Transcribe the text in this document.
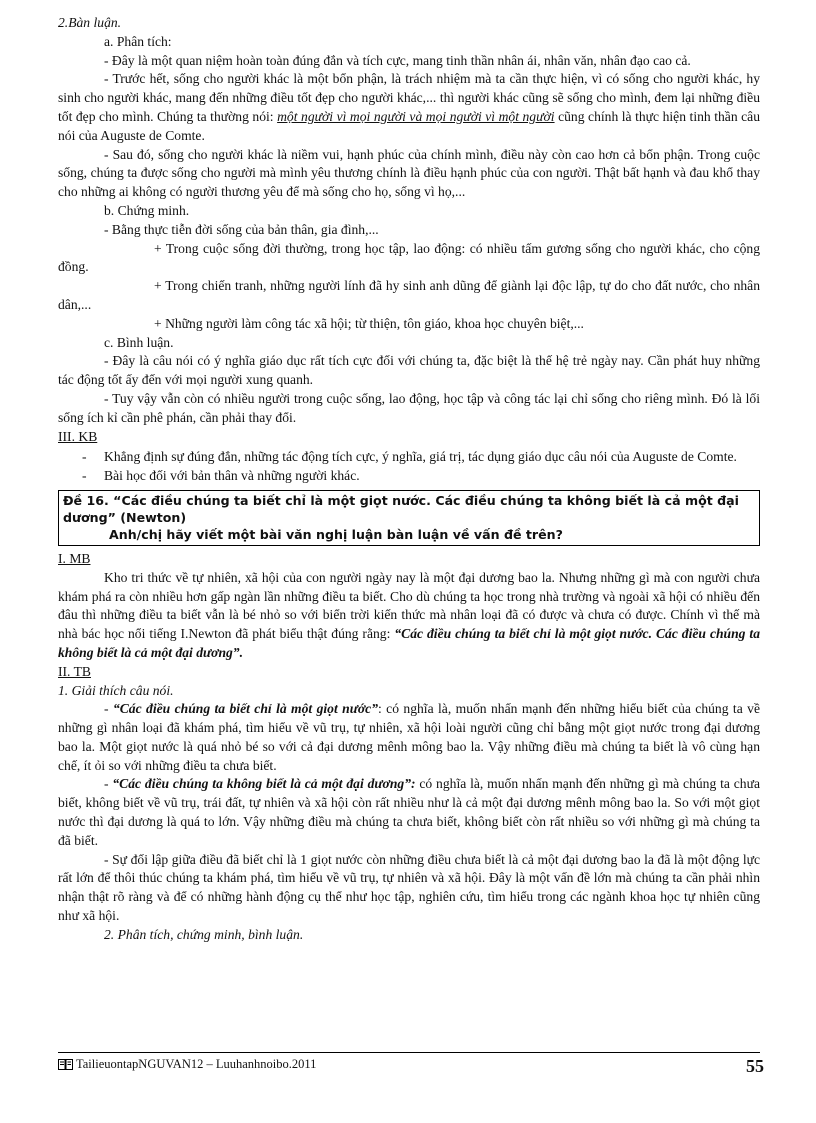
2.Bàn luận.

a. Phân tích:

- Đây là một quan niệm hoàn toàn đúng đắn và tích cực, mang tinh thần nhân ái, nhân văn, nhân đạo cao cả.

- Trước hết, sống cho người khác là một bổn phận, là trách nhiệm mà ta cần thực hiện, vì có sống cho người khác, hy sinh cho người khác, mang đến những điều tốt đẹp cho người khác,... thì người khác cũng sẽ sống cho mình, đem lại những điều tốt đẹp cho mình. Chúng ta thường nói: một người vì mọi người và mọi người vì một người cũng chính là thực hiện tinh thần câu nói của Auguste de Comte.

- Sau đó, sống cho người khác là niềm vui, hạnh phúc của chính mình, điều này còn cao hơn cả bổn phận. Trong cuộc sống, chúng ta được sống cho người mà mình yêu thương chính là điều hạnh phúc của con người. Thật bất hạnh và đau khổ thay cho những ai không có người thương yêu để mà sống cho họ, sống vì họ,...

b. Chứng minh.

- Bằng thực tiễn đời sống của bản thân, gia đình,...

+ Trong cuộc sống đời thường, trong học tập, lao động: có nhiều tấm gương sống cho người khác, cho cộng đồng.

+ Trong chiến tranh, những người lính đã hy sinh anh dũng để giành lại độc lập, tự do cho đất nước, cho nhân dân,...

+ Những người làm công tác xã hội; từ thiện, tôn giáo, khoa học chuyên biệt,...

c. Bình luận.

- Đây là câu nói có ý nghĩa giáo dục rất tích cực đối với chúng ta, đặc biệt là thế hệ trẻ ngày nay. Cần phát huy những tác động tốt ấy đến với mọi người xung quanh.

- Tuy vậy vẫn còn có nhiều người trong cuộc sống, lao động, học tập và công tác lại chỉ sống cho riêng mình. Đó là lối sống ích kỉ cần phê phán, cần phải thay đổi.

III. KB

- Khẳng định sự đúng đắn, những tác động tích cực, ý nghĩa, giá trị, tác dụng giáo dục câu nói của Auguste de Comte.
- Bài học đối với bản thân và những người khác.
Đề 16. “Các điều chúng ta biết chỉ là một giọt nước. Các điều chúng ta không biết là cả một đại dương” (Newton)
Anh/chị hãy viết một bài văn nghị luận bàn luận về vấn đề trên?

I. MB

Kho tri thức về tự nhiên, xã hội của con người ngày nay là một đại dương bao la. Nhưng những gì mà con người chưa khám phá ra còn nhiều hơn gấp ngàn lần những điều ta biết. Cho dù chúng ta học trong nhà trường và ngoài xã hội có nhiều đến đâu thì những điều ta biết vẫn là bé nhỏ so với biển trời kiến thức mà nhân loại đã có được và chưa có được. Chính vì thế mà nhà bác học nổi tiếng I.Newton đã phát biểu thật đúng rằng: “Các điều chúng ta biết chỉ là một giọt nước. Các điều chúng ta không biết là cả một đại dương”.

II. TB

1. Giải thích câu nói.

- “Các điều chúng ta biết chỉ là một giọt nước”: có nghĩa là, muốn nhấn mạnh đến những hiểu biết của chúng ta về những gì nhân loại đã khám phá, tìm hiểu về vũ trụ, tự nhiên, xã hội loài người cũng chỉ bằng một giọt nước trong đại dương bao la. Một giọt nước là quá nhỏ bé so với cả đại dương mênh mông bao la. Vậy những điều mà chúng ta biết là vô cùng hạn chế, ít ỏi so với những điều ta chưa biết.

- “Các điều chúng ta không biết là cả một đại dương”: có nghĩa là, muốn nhấn mạnh đến những gì mà chúng ta chưa biết, không biết về vũ trụ, trái đất, tự nhiên và xã hội còn rất nhiều như là cả một đại dương mênh mông bao la. So với một giọt nước thì đại dương là quá to lớn. Vậy những điều mà chúng ta chưa biết, không biết còn rất nhiều so với những gì mà chúng ta đã biết.

- Sự đối lập giữa điều đã biết chỉ là 1 giọt nước còn những điều chưa biết là cả một đại dương bao la đã là một động lực rất lớn để thôi thúc chúng ta khám phá, tìm hiểu về vũ trụ, tự nhiên và xã hội. Đây là một vấn đề lớn mà chúng ta cần phải nhìn nhận thật rõ ràng và để có những hành động cụ thể như học tập, nghiên cứu, tìm hiểu trong các ngành khoa học tự nhiên cũng như xã hội.

2. Phân tích, chứng minh, bình luận.

TailieuontapNGUVAN12 – Luuhanhnoibo.2011	55
